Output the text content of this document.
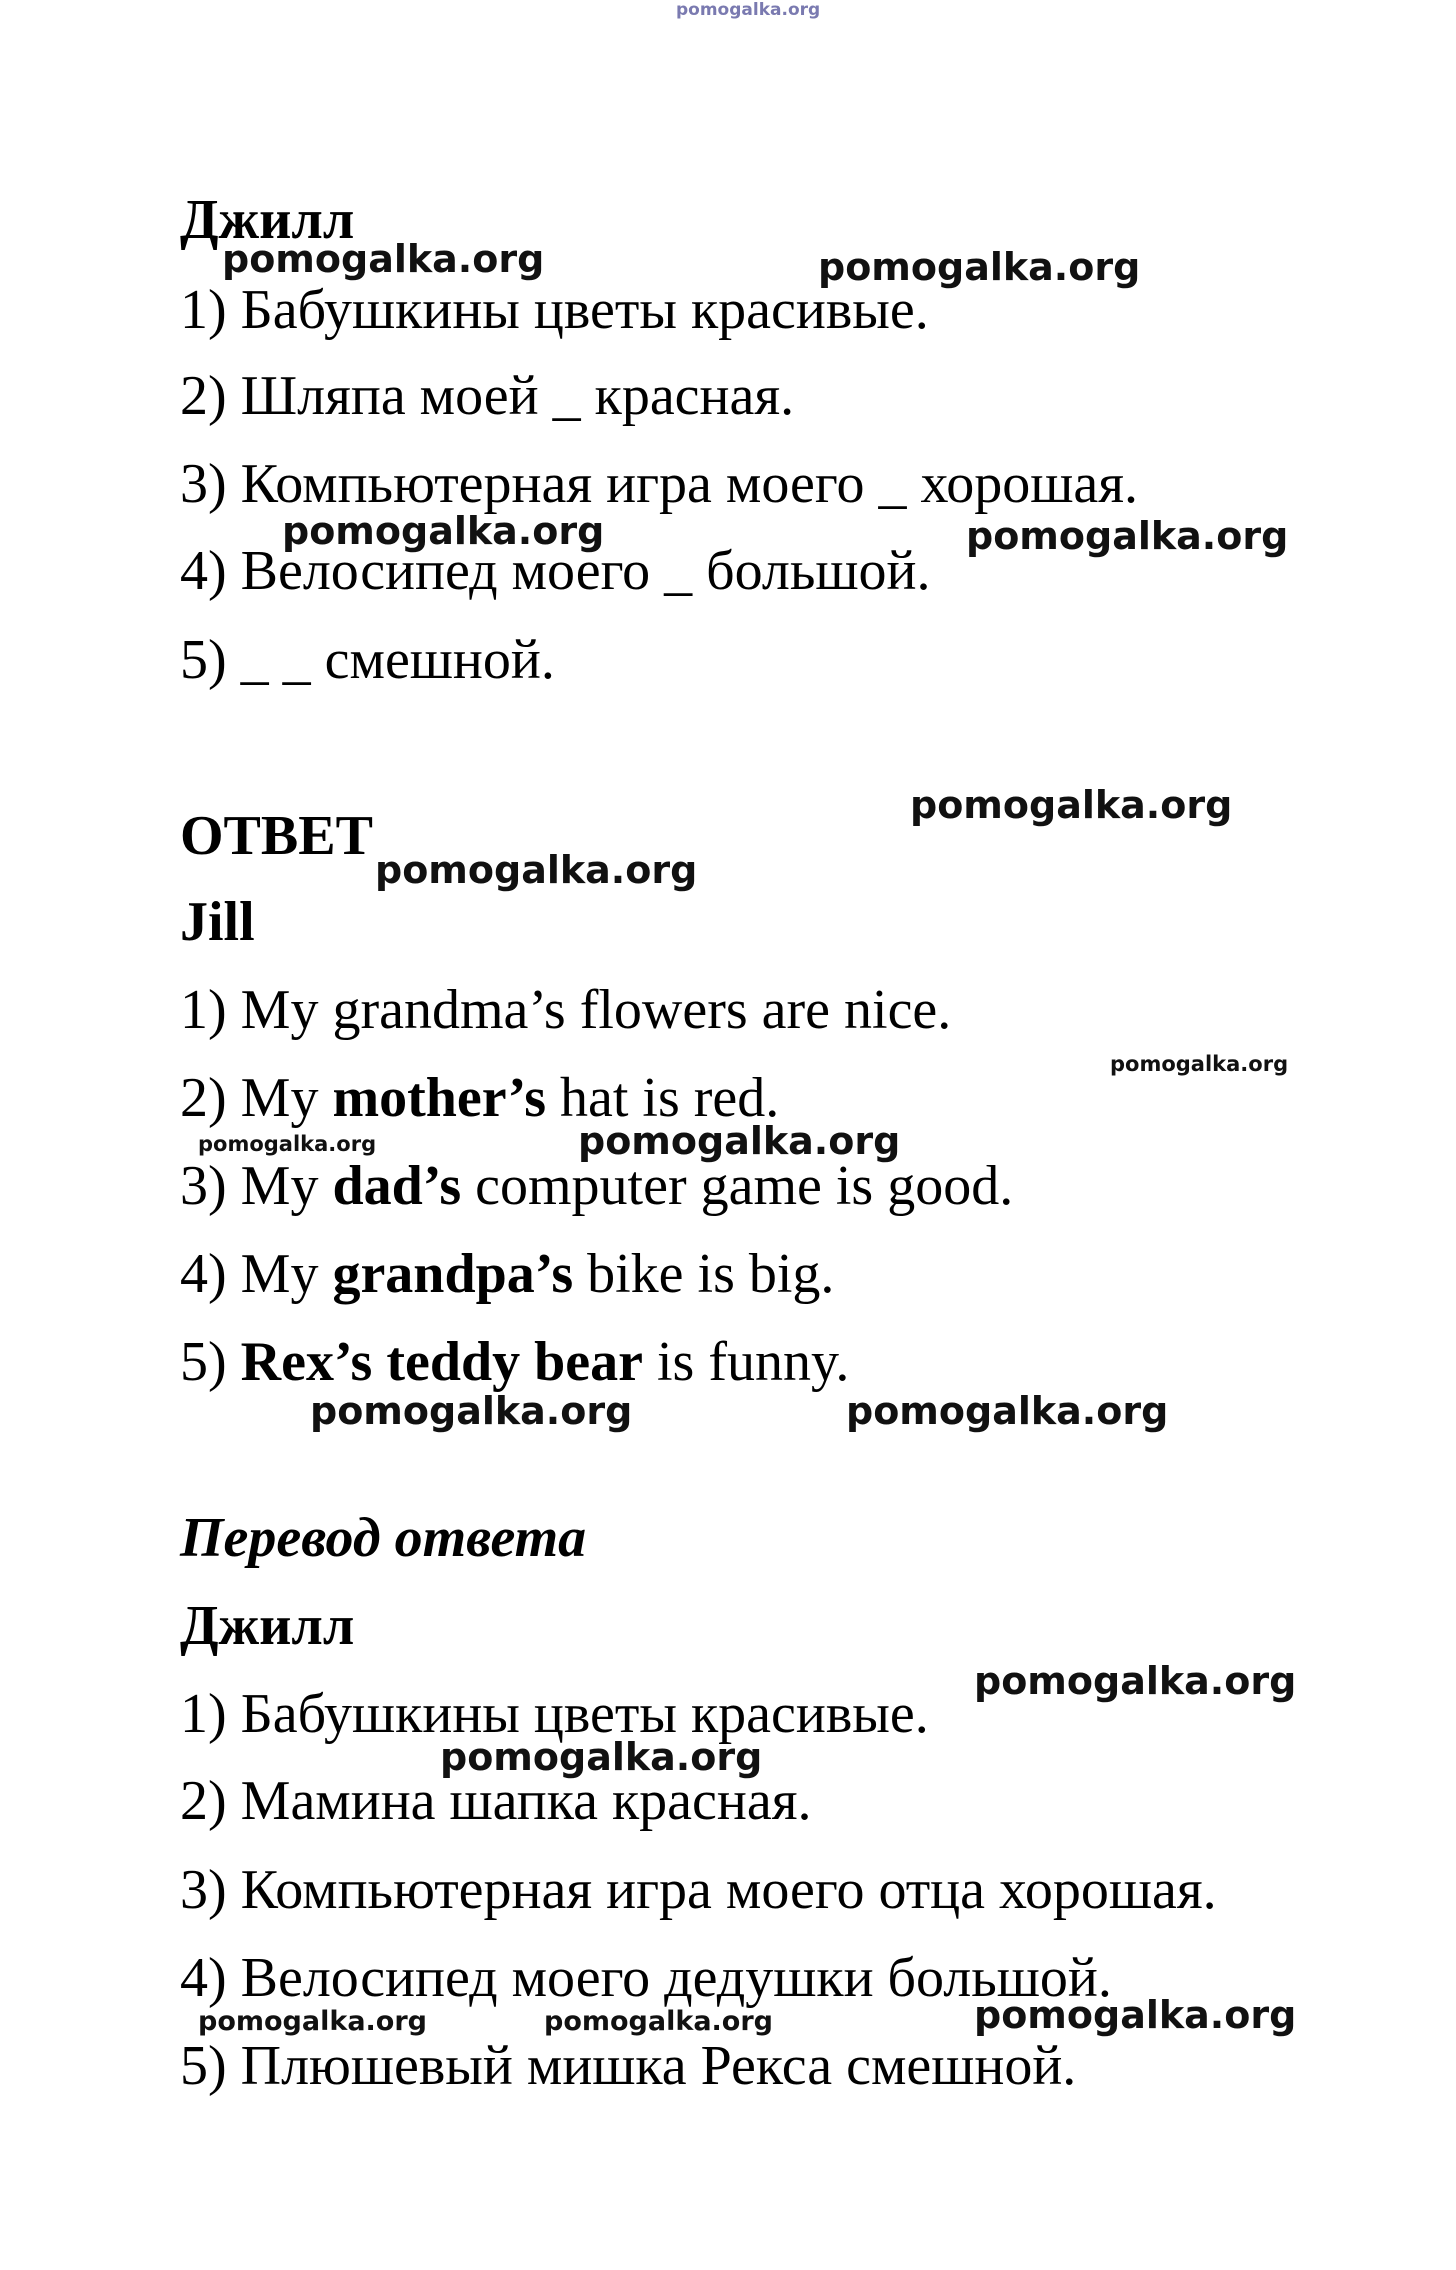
pomogalka.org
Джилл
1) Бабушкины цветы красивые.
2) Шляпа моей _ красная.
3) Компьютерная игра моего _ хорошая.
4) Велосипед моего _ большой.
5) _ _ смешной.
ОТВЕТ
Jill
1) My grandma’s flowers are nice.
2) My mother’s hat is red.
3) My dad’s computer game is good.
4) My grandpa’s bike is big.
5) Rex’s teddy bear is funny.
Перевод ответа
Джилл
1) Бабушкины цветы красивые.
2) Мамина шапка красная.
3) Компьютерная игра моего отца хорошая.
4) Велосипед моего дедушки большой.
5) Плюшевый мишка Рекса смешной.
pomogalka.org	pomogalka.org
pomogalka.org	pomogalka.org
pomogalka.org
pomogalka.org
pomogalka.org
pomogalka.org	pomogalka.org
pomogalka.org	pomogalka.org
pomogalka.org
pomogalka.org
pomogalka.org	pomogalka.org	pomogalka.org
